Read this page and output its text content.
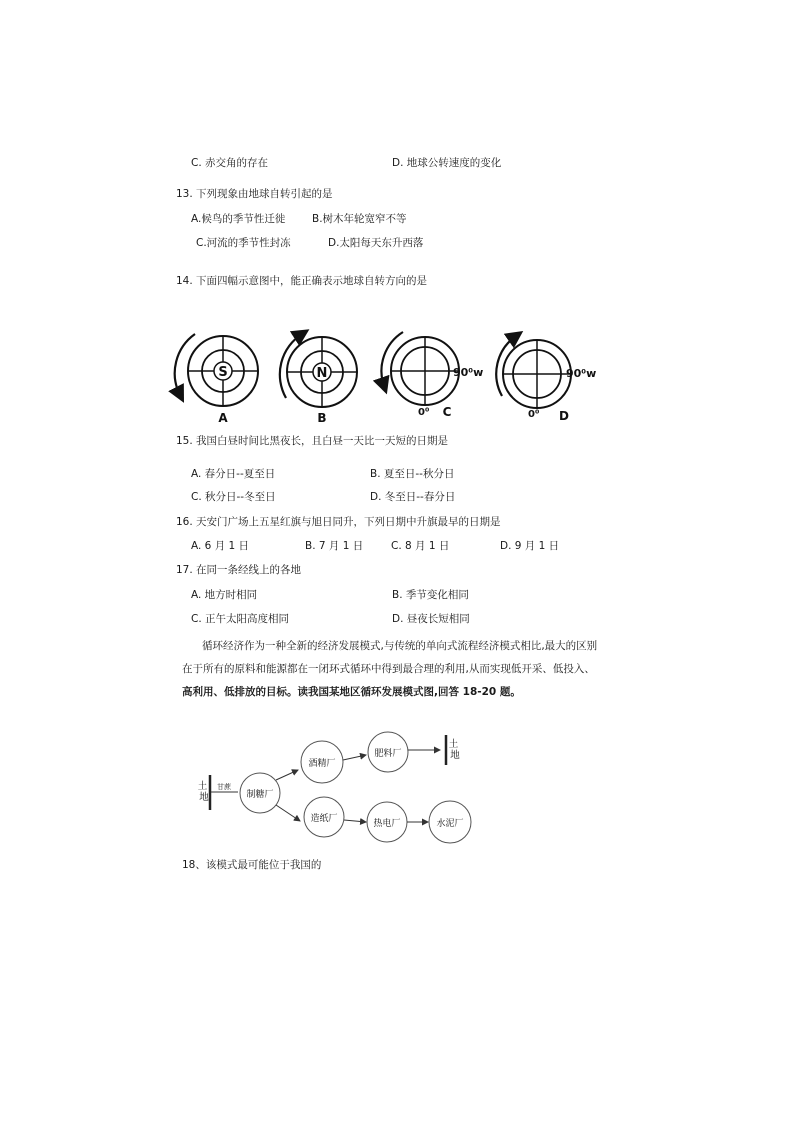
C. 赤交角的存在	D. 地球公转速度的变化
13. 下列现象由地球自转引起的是
A.候鸟的季节性迁徙	B.树木年轮宽窄不等
C.河流的季节性封冻	D.太阳每天东升西落
14. 下面四幅示意图中，能正确表示地球自转方向的是
S
A
N
B
90⁰w
0⁰ C
90⁰w
0⁰ D
15. 我国白昼时间比黑夜长，且白昼一天比一天短的日期是
A. 春分日--夏至日	B. 夏至日--秋分日
C. 秋分日--冬至日	D. 冬至日--春分日
16. 天安门广场上五星红旗与旭日同升，下列日期中升旗最早的日期是
A. 6 月 1 日	B. 7 月 1 日	C. 8 月 1 日	D. 9 月 1 日
17. 在同一条经线上的各地
A. 地方时相同	B. 季节变化相同
C. 正午太阳高度相同	D. 昼夜长短相同
循环经济作为一种全新的经济发展模式,与传统的单向式流程经济模式相比,最大的区别
在于所有的原料和能源都在一闭环式循环中得到最合理的利用,从而实现低开采、低投入、
高利用、低排放的目标。读我国某地区循环发展模式图,回答 18-20 题。
土 地
甘蔗
制糖厂
酒精厂
肥料厂
土 地
造纸厂	热电厂	水泥厂
18、该模式最可能位于我国的
